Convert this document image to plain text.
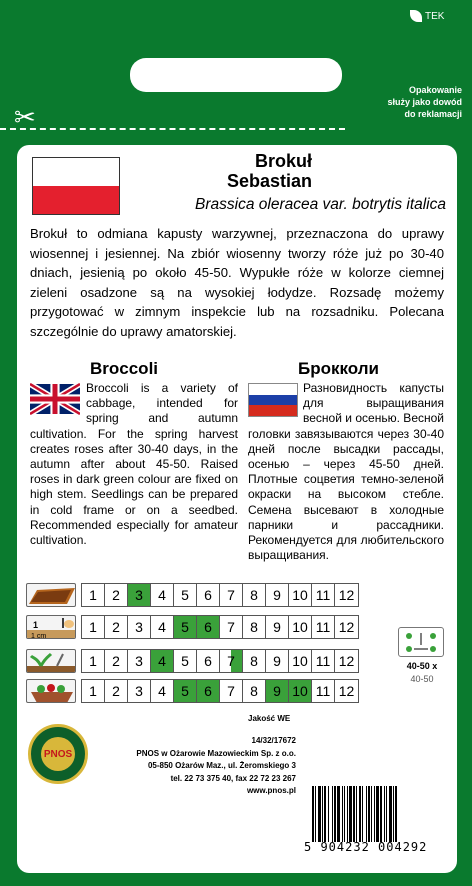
TEK
✂
Opakowanie
służy jako dowód
do reklamacji
Brokuł
Sebastian
Brassica oleracea var. botrytis italica
Brokuł to odmiana kapusty warzywnej, przeznaczona do uprawy wiosennej i jesiennej. Na zbiór wiosenny tworzy róże już po 30-40 dniach, jesienią po około 45-50. Wypukłe róże w kolorze ciemnej zieleni osadzone są na wysokiej łodydze. Rozsadę możemy przygotować w zimnym inspekcie lub na rozsadniku. Polecana szczególnie do uprawy amatorskiej.
Broccoli	Брокколи
Broccoli is a variety of cabbage, intended for spring and autumn cultivation. For the spring harvest creates roses after 30-40 days, in the autumn after about 45-50. Raised roses in dark green colour are fixed on high stem. Seedlings can be prepared in cold frame or on a seedbed. Recommended especially for amateur cultivation.
Разновидность капусты для выращивания весной и осенью. Весной головки завязываются через 30-40 дней после высадки рассады, осенью – через 45-50 дней. Плотные соцветия темно-зеленой окраски на высоком стебле. Семена высевают в холодные парники и рассадники. Рекомендуется для любительского выращивания.
1	2	3	4	5	6	7	8	9 10 11 12
1
1 cm
1	2	3	4	5	6	7	8	9 10 11 12
1	2	3	4	5	6	7	8	9 10 11 12
1	2	3	4	5	6	7	8	9 10 11 12
40-50 x
40-50
PNOS
Jakość WE
14/32/17672
PNOS w Ożarowie Mazowieckim Sp. z o.o.
05-850 Ożarów Maz., ul. Żeromskiego 3
tel. 22 73 375 40, fax 22 72 23 267
www.pnos.pl
5 904232 004292
